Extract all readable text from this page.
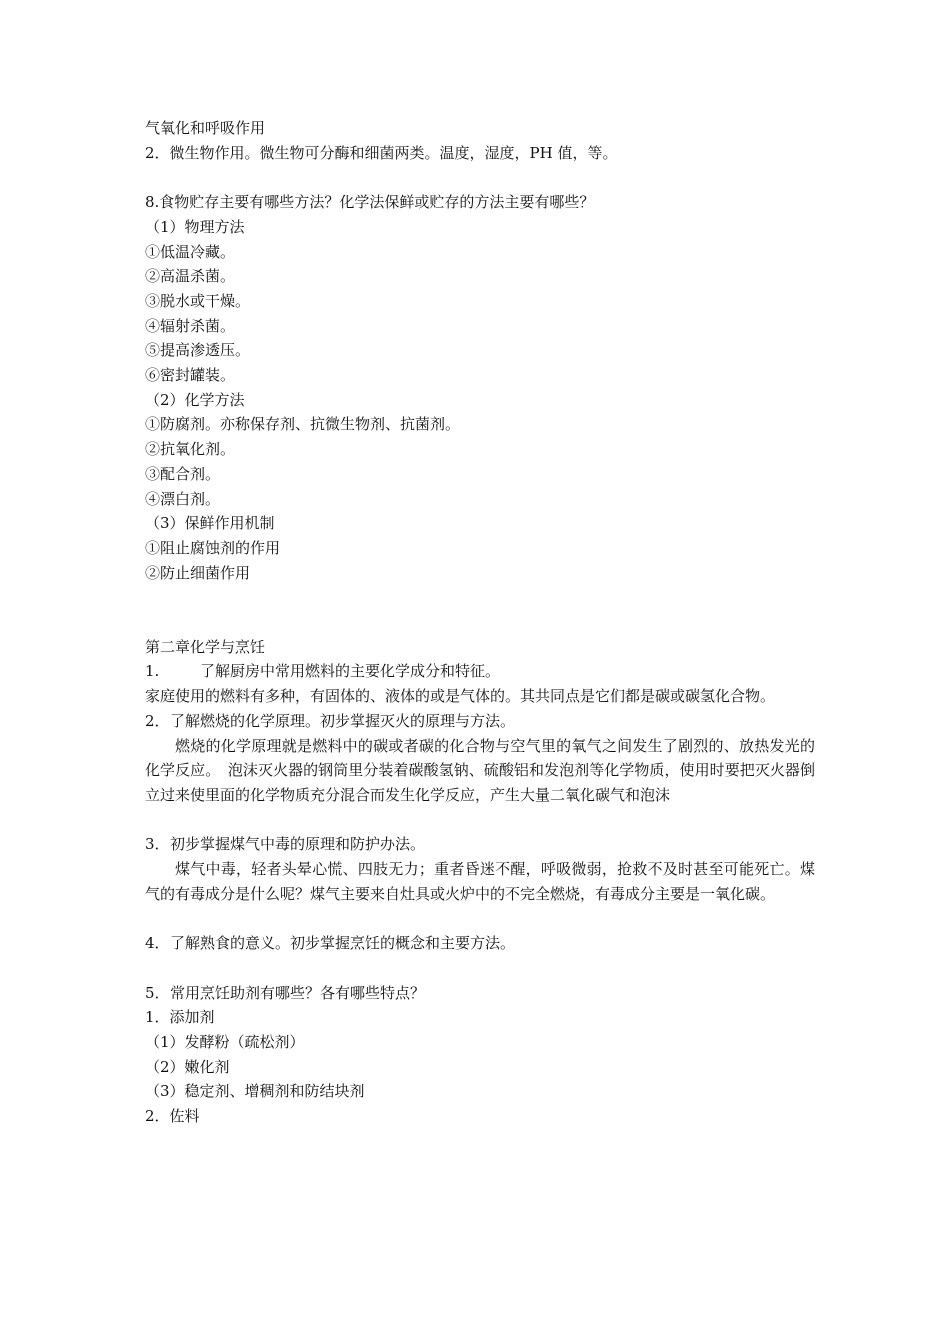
气氧化和呼吸作用
2．微生物作用。微生物可分酶和细菌两类。温度，湿度，PH 值，等。
8.食物贮存主要有哪些方法？化学法保鲜或贮存的方法主要有哪些？
（1）物理方法
①低温冷藏。
②高温杀菌。
③脱水或干燥。
④辐射杀菌。
⑤提高渗透压。
⑥密封罐装。
（2）化学方法
①防腐剂。亦称保存剂、抗微生物剂、抗菌剂。
②抗氧化剂。
③配合剂。
④漂白剂。
（3）保鲜作用机制
①阻止腐蚀剂的作用
②防止细菌作用
第二章化学与烹饪
1.	了解厨房中常用燃料的主要化学成分和特征。
家庭使用的燃料有多种，有固体的、液体的或是气体的。其共同点是它们都是碳或碳氢化合物。
2．了解燃烧的化学原理。初步掌握灭火的原理与方法。
燃烧的化学原理就是燃料中的碳或者碳的化合物与空气里的氧气之间发生了剧烈的、放热发光的化学反应。　泡沫灭火器的钢筒里分装着碳酸氢钠、硫酸铝和发泡剂等化学物质，使用时要把灭火器倒立过来使里面的化学物质充分混合而发生化学反应，产生大量二氧化碳气和泡沫
3．初步掌握煤气中毒的原理和防护办法。
煤气中毒，轻者头晕心慌、四肢无力；重者昏迷不醒，呼吸微弱，抢救不及时甚至可能死亡。煤气的有毒成分是什么呢？煤气主要来自灶具或火炉中的不完全燃烧，有毒成分主要是一氧化碳。
4．了解熟食的意义。初步掌握烹饪的概念和主要方法。
5．常用烹饪助剂有哪些？各有哪些特点？
1．添加剂
（1）发酵粉（疏松剂）
（2）嫩化剂
（3）稳定剂、增稠剂和防结块剂
2．佐料
